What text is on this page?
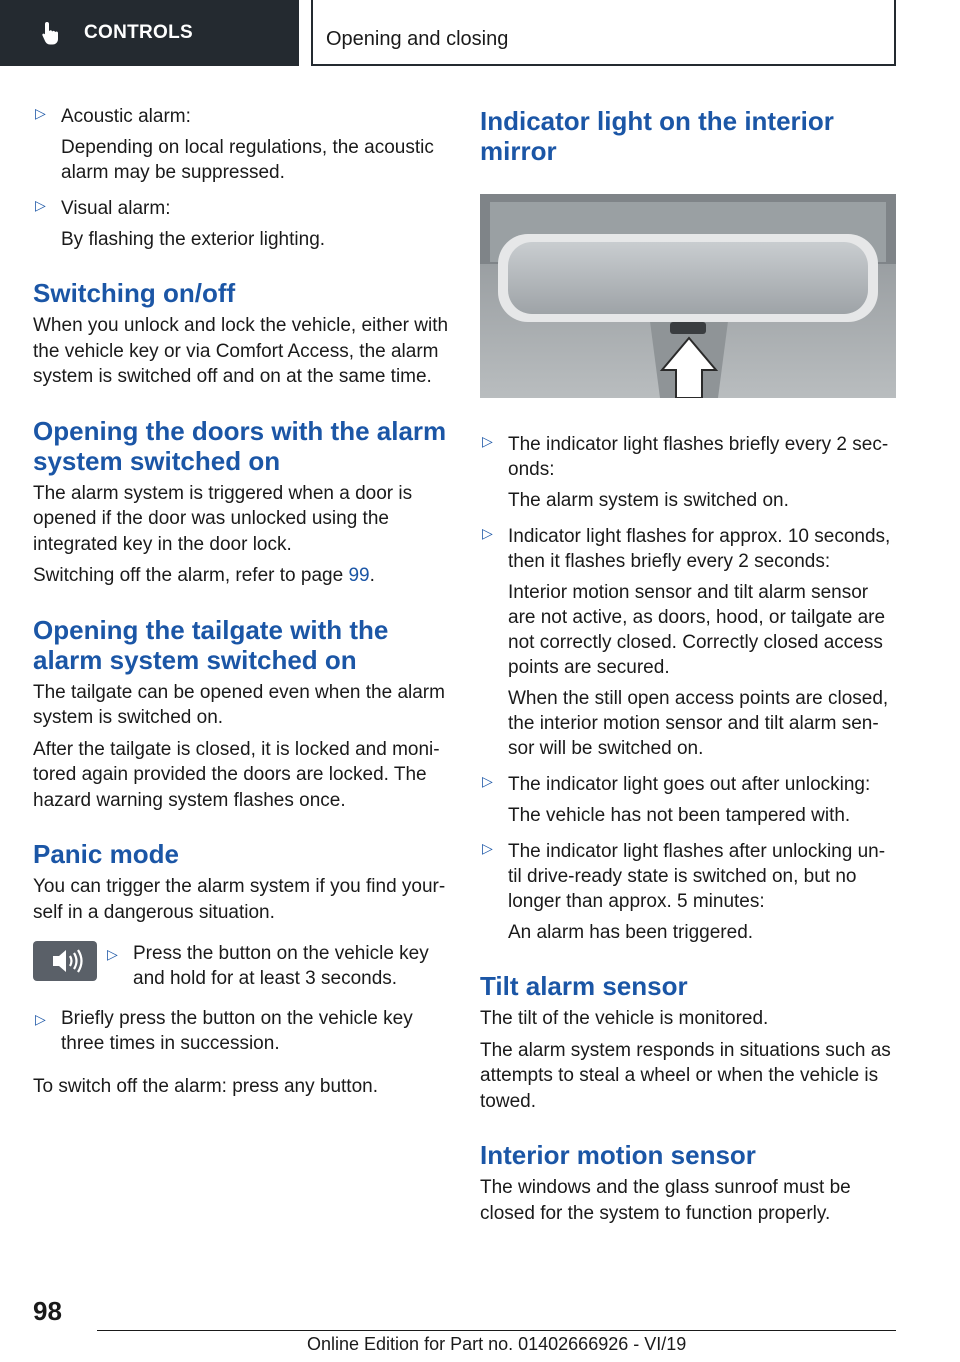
CONTROLS	Opening and closing
▷ Acoustic alarm:
Depending on local regulations, the acoustic alarm may be suppressed.
▷ Visual alarm:
By flashing the exterior lighting.
Switching on/off

When you unlock and lock the vehicle, either with the vehicle key or via Comfort Access, the alarm system is switched off and on at the same time.

Opening the doors with the alarm system switched on

The alarm system is triggered when a door is opened if the door was unlocked using the integrated key in the door lock.

Switching off the alarm, refer to page 99.

Opening the tailgate with the alarm system switched on

The tailgate can be opened even when the alarm system is switched on.

After the tailgate is closed, it is locked and moni-tored again provided the doors are locked. The hazard warning system flashes once.

Panic mode

You can trigger the alarm system if you find your-self in a dangerous situation.

▷ Press the button on the vehicle key and hold for at least 3 seconds.
▷ Briefly press the button on the vehicle key three times in succession.

To switch off the alarm: press any button.

Indicator light on the interior mirror
▷ The indicator light flashes briefly every 2 sec-onds:
The alarm system is switched on.
▷ Indicator light flashes for approx. 10 seconds, then it flashes briefly every 2 seconds:
Interior motion sensor and tilt alarm sensor are not active, as doors, hood, or tailgate are not correctly closed. Correctly closed access points are secured.
When the still open access points are closed, the interior motion sensor and tilt alarm sen-sor will be switched on.
▷ The indicator light goes out after unlocking:
The vehicle has not been tampered with.
▷ The indicator light flashes after unlocking un-til drive-ready state is switched on, but no longer than approx. 5 minutes:
An alarm has been triggered.
Tilt alarm sensor

The tilt of the vehicle is monitored.

The alarm system responds in situations such as attempts to steal a wheel or when the vehicle is towed.

Interior motion sensor

The windows and the glass sunroof must be closed for the system to function properly.

98
Online Edition for Part no. 01402666926 - VI/19
